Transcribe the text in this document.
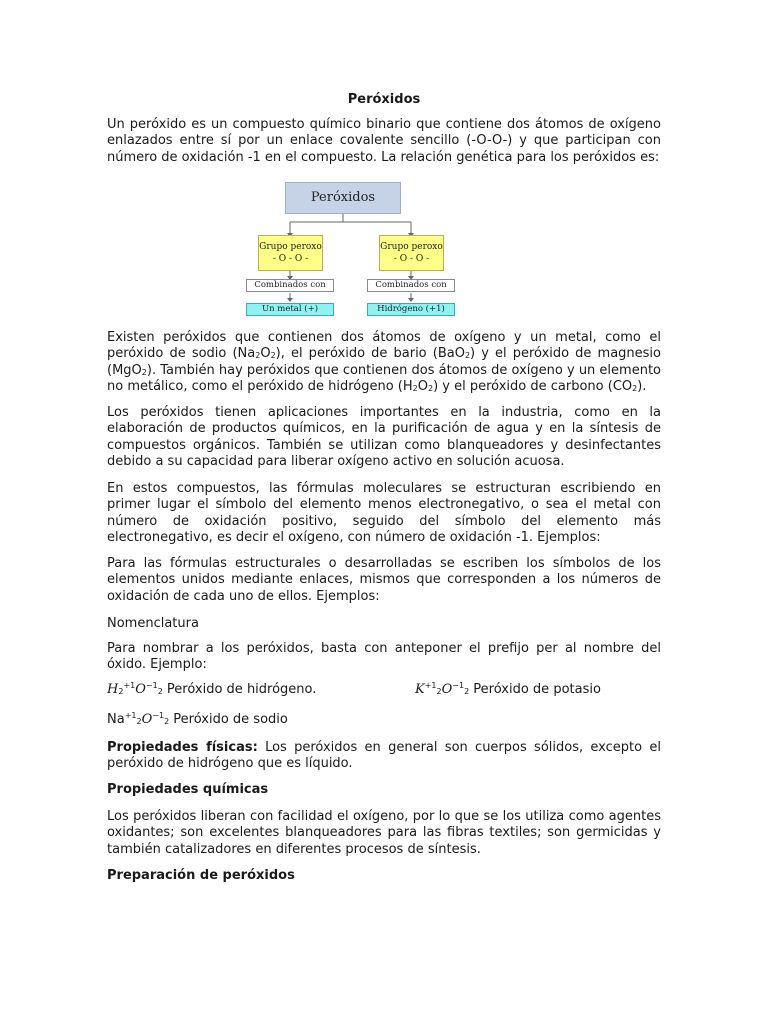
Peróxidos

Un peróxido es un compuesto químico binario que contiene dos átomos de oxígeno enlazados entre sí por un enlace covalente sencillo (-O-O-) y que participan con número de oxidación -1 en el compuesto. La relación genética para los peróxidos es:

Peróxidos
Grupo peroxo
- O - O -
Grupo peroxo
- O - O -
Combinados con	Combinados con
Un metal (+)	Hidrógeno (+1)

Existen peróxidos que contienen dos átomos de oxígeno y un metal, como el peróxido de sodio $(Na_2O_2)$, el peróxido de bario (BaO$_2$) y el peróxido de magnesio (MgO$_2$). También hay peróxidos que contienen dos átomos de oxígeno y un elemento no metálico, como el peróxido de hidrógeno $(H_2O_2)$ y el peróxido de carbono $(CO_2)$.

Los peróxidos tienen aplicaciones importantes en la industria, como en la elaboración de productos químicos, en la purificación de agua y en la síntesis de compuestos orgánicos. También se utilizan como blanqueadores y desinfectantes debido a su capacidad para liberar oxígeno activo en solución acuosa.

En estos compuestos, las fórmulas moleculares se estructuran escribiendo en primer lugar el símbolo del elemento menos electronegativo, o sea el metal con número de oxidación positivo, seguido del símbolo del elemento más electronegativo, es decir el oxígeno, con número de oxidación -1. Ejemplos:

Para las fórmulas estructurales o desarrolladas se escriben los símbolos de los elementos unidos mediante enlaces, mismos que corresponden a los números de oxidación de cada uno de ellos. Ejemplos:

Nomenclatura

Para nombrar a los peróxidos, basta con anteponer el prefijo per al nombre del óxido. Ejemplo:

$H_2^{+1}O^{-1}_2$ Peróxido de hidrógeno.	$K^{+1}_2O^{-1}_2$ Peróxido de potasio

$Na^{+1}_2O^{-1}_2$ Peróxido de sodio

Propiedades físicas: Los peróxidos en general son cuerpos sólidos, excepto el peróxido de hidrógeno que es líquido.

Propiedades químicas

Los peróxidos liberan con facilidad el oxígeno, por lo que se los utiliza como agentes oxidantes; son excelentes blanqueadores para las fibras textiles; son germicidas y también catalizadores en diferentes procesos de síntesis.

Preparación de peróxidos
